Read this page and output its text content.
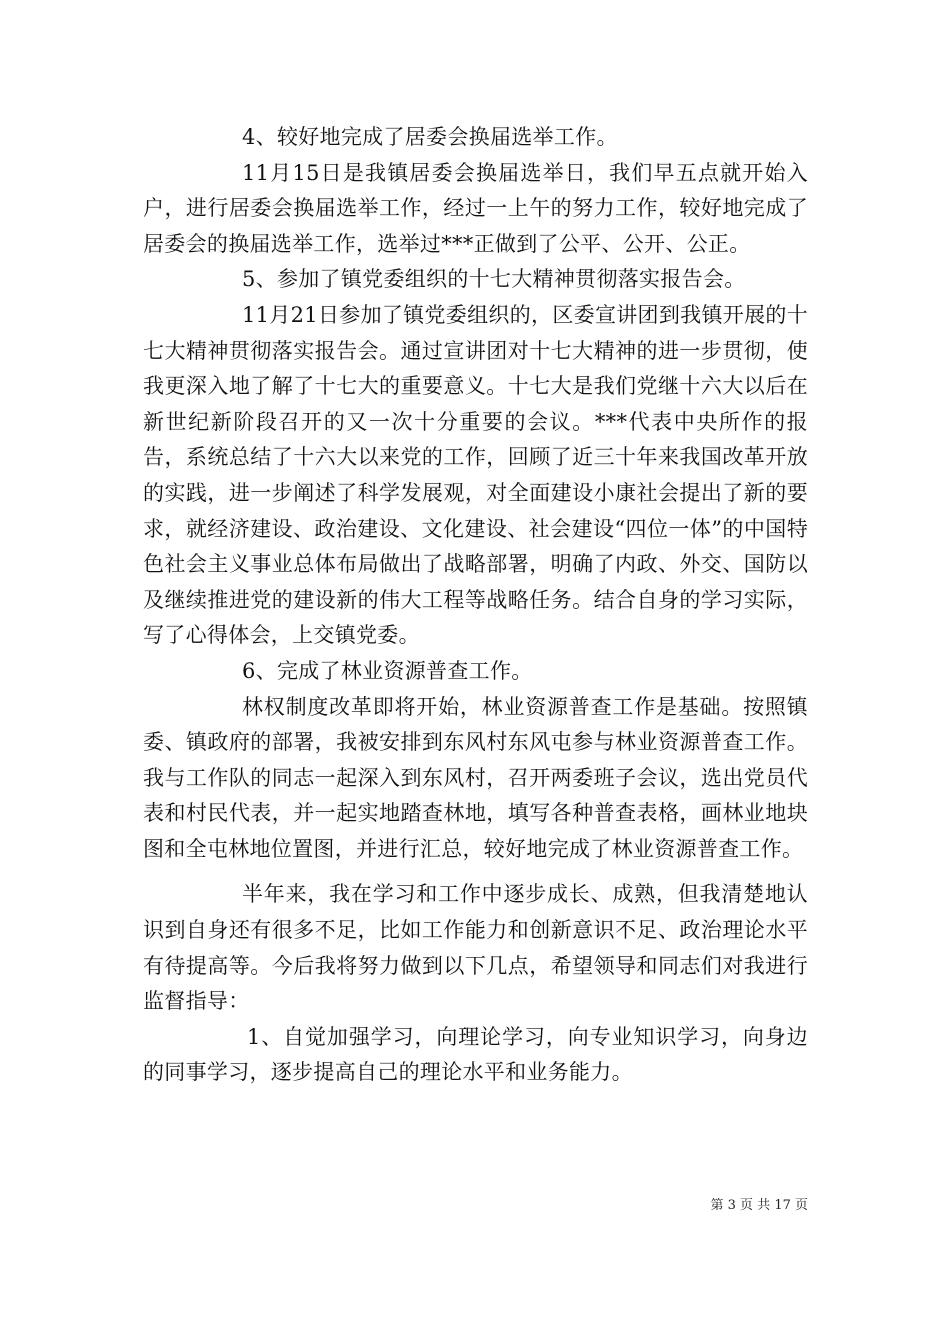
4、较好地完成了居委会换届选举工作。

11月15日是我镇居委会换届选举日，我们早五点就开始入户，进行居委会换届选举工作，经过一上午的努力工作，较好地完成了居委会的换届选举工作，选举过***正做到了公平、公开、公正。

5、参加了镇党委组织的十七大精神贯彻落实报告会。

11月21日参加了镇党委组织的，区委宣讲团到我镇开展的十七大精神贯彻落实报告会。通过宣讲团对十七大精神的进一步贯彻，使我更深入地了解了十七大的重要意义。十七大是我们党继十六大以后在新世纪新阶段召开的又一次十分重要的会议。***代表中央所作的报告，系统总结了十六大以来党的工作，回顾了近三十年来我国改革开放的实践，进一步阐述了科学发展观，对全面建设小康社会提出了新的要求，就经济建设、政治建设、文化建设、社会建设“四位一体”的中国特色社会主义事业总体布局做出了战略部署，明确了内政、外交、国防以及继续推进党的建设新的伟大工程等战略任务。结合自身的学习实际，写了心得体会，上交镇党委。

6、完成了林业资源普查工作。

林权制度改革即将开始，林业资源普查工作是基础。按照镇委、镇政府的部署，我被安排到东风村东风屯参与林业资源普查工作。我与工作队的同志一起深入到东风村，召开两委班子会议，选出党员代表和村民代表，并一起实地踏查林地，填写各种普查表格，画林业地块图和全屯林地位置图，并进行汇总，较好地完成了林业资源普查工作。

半年来，我在学习和工作中逐步成长、成熟，但我清楚地认识到自身还有很多不足，比如工作能力和创新意识不足、政治理论水平有待提高等。今后我将努力做到以下几点，希望领导和同志们对我进行监督指导：

1、自觉加强学习，向理论学习，向专业知识学习，向身边的同事学习，逐步提高自己的理论水平和业务能力。

第 3 页 共 17 页
